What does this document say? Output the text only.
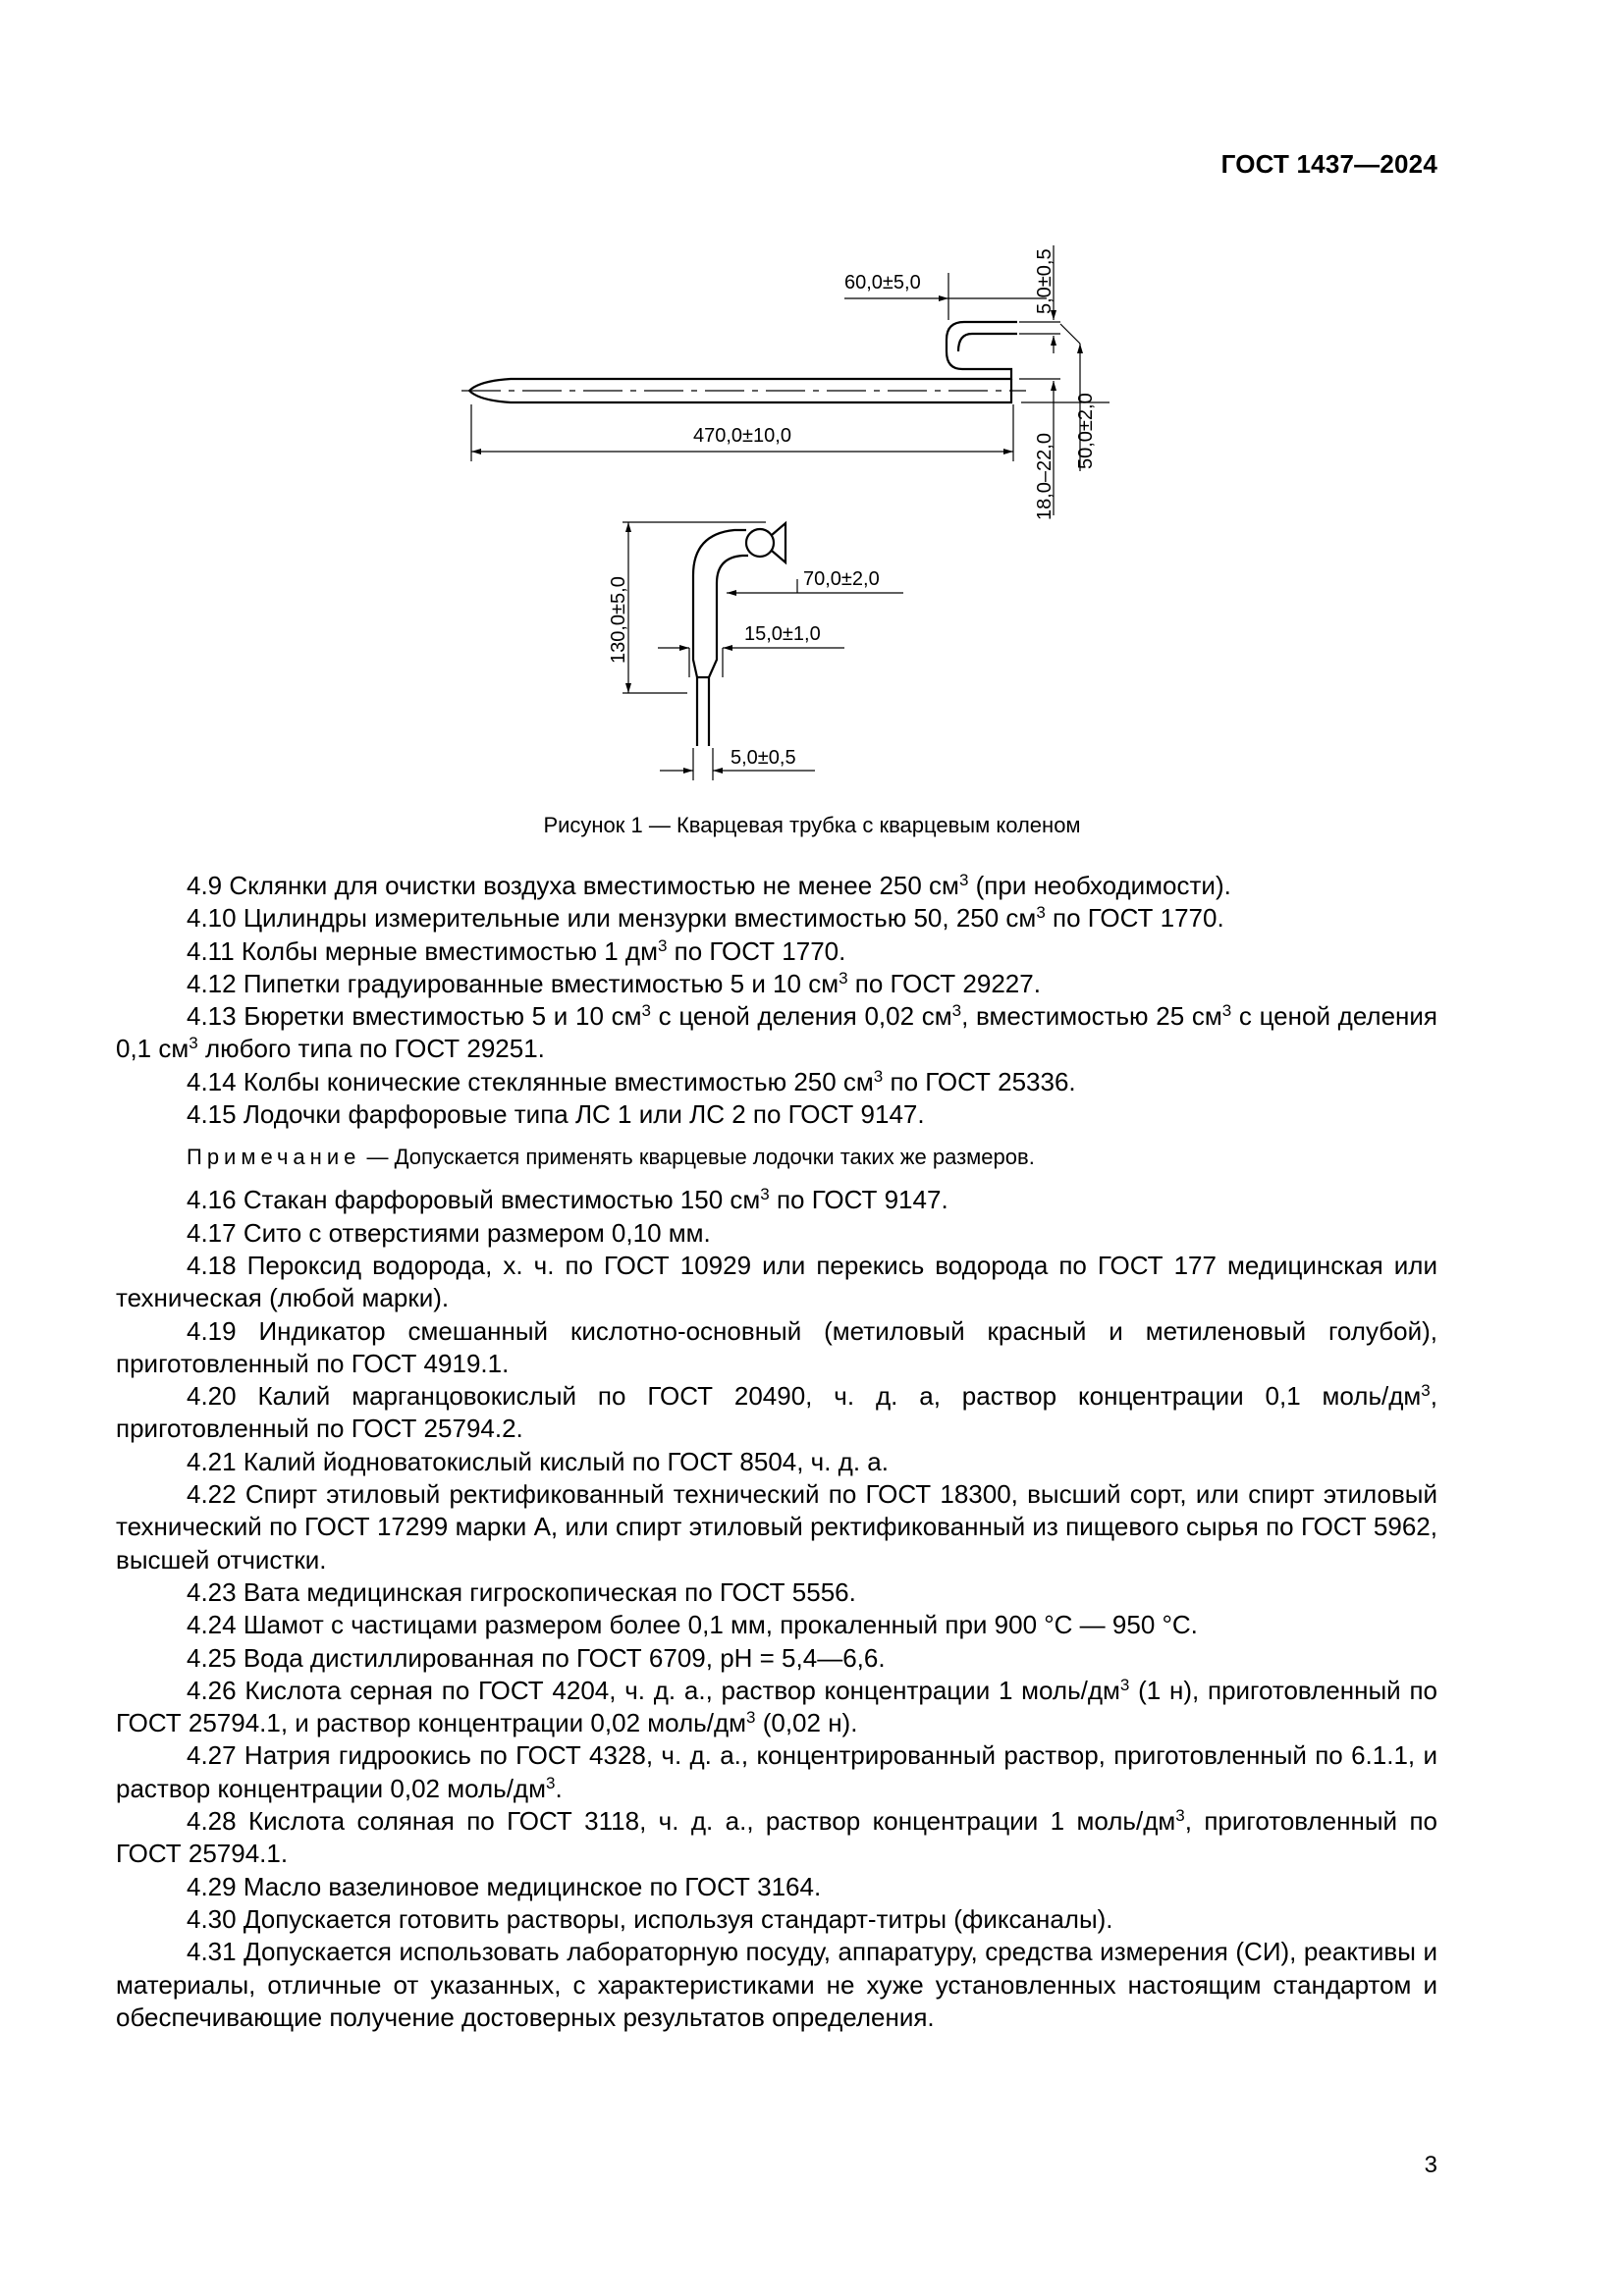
ГОСТ 1437—2024
60,0±5,0	5,0±0,5
470,0±10,0	18,0–22,0
50,0±2,0
130,0±5,0	70,0±2,0
15,0±1,0
5,0±0,5
Рисунок 1 — Кварцевая трубка с кварцевым коленом

4.9 Склянки для очистки воздуха вместимостью не менее 250 $см^3$ (при необходимости).

4.10 Цилиндры измерительные или мензурки вместимостью 50, 250 $см^3$ по ГОСТ 1770.

4.11 Колбы мерные вместимостью 1 $дм^3$ по ГОСТ 1770.

4.12 Пипетки градуированные вместимостью 5 и 10 $см^3$ по ГОСТ 29227.

4.13 Бюретки вместимостью 5 и 10 $см^3$ с ценой деления 0,02 $см^3$, вместимостью 25 $см^3$ с ценой деления 0,1 $см^3$ любого типа по ГОСТ 29251.

4.14 Колбы конические стеклянные вместимостью 250 $см^3$ по ГОСТ 25336.

4.15 Лодочки фарфоровые типа ЛС 1 или ЛС 2 по ГОСТ 9147.

Примечание — Допускается применять кварцевые лодочки таких же размеров.

4.16 Стакан фарфоровый вместимостью 150 $см^3$ по ГОСТ 9147.

4.17 Сито с отверстиями размером 0,10 мм.

4.18 Пероксид водорода, х. ч. по ГОСТ 10929 или перекись водорода по ГОСТ 177 медицинская или техническая (любой марки).

4.19 Индикатор смешанный кислотно-основный (метиловый красный и метиленовый голубой), приготовленный по ГОСТ 4919.1.

4.20 Калий марганцовокислый по ГОСТ 20490, ч. д. а, раствор концентрации 0,1 моль/$дм^3$, приготовленный по ГОСТ 25794.2.

4.21 Калий йодноватокислый кислый по ГОСТ 8504, ч. д. а.

4.22 Спирт этиловый ректификованный технический по ГОСТ 18300, высший сорт, или спирт этиловый технический по ГОСТ 17299 марки А, или спирт этиловый ректификованный из пищевого сырья по ГОСТ 5962, высшей отчистки.

4.23 Вата медицинская гигроскопическая по ГОСТ 5556.

4.24 Шамот с частицами размером более 0,1 мм, прокаленный при 900 °С — 950 °С.

4.25 Вода дистиллированная по ГОСТ 6709, pH = 5,4—6,6.

4.26 Кислота серная по ГОСТ 4204, ч. д. а., раствор концентрации 1 моль/$дм^3$ (1 н), приготовленный по ГОСТ 25794.1, и раствор концентрации 0,02 моль/$дм^3$ (0,02 н).

4.27 Натрия гидроокись по ГОСТ 4328, ч. д. а., концентрированный раствор, приготовленный по 6.1.1, и раствор концентрации 0,02 моль/$дм^3$.

4.28 Кислота соляная по ГОСТ 3118, ч. д. а., раствор концентрации 1 моль/$дм^3$, приготовленный по ГОСТ 25794.1.

4.29 Масло вазелиновое медицинское по ГОСТ 3164.

4.30 Допускается готовить растворы, используя стандарт-титры (фиксаналы).

4.31 Допускается использовать лабораторную посуду, аппаратуру, средства измерения (СИ), реактивы и материалы, отличные от указанных, с характеристиками не хуже установленных настоящим стандартом и обеспечивающие получение достоверных результатов определения.

3
